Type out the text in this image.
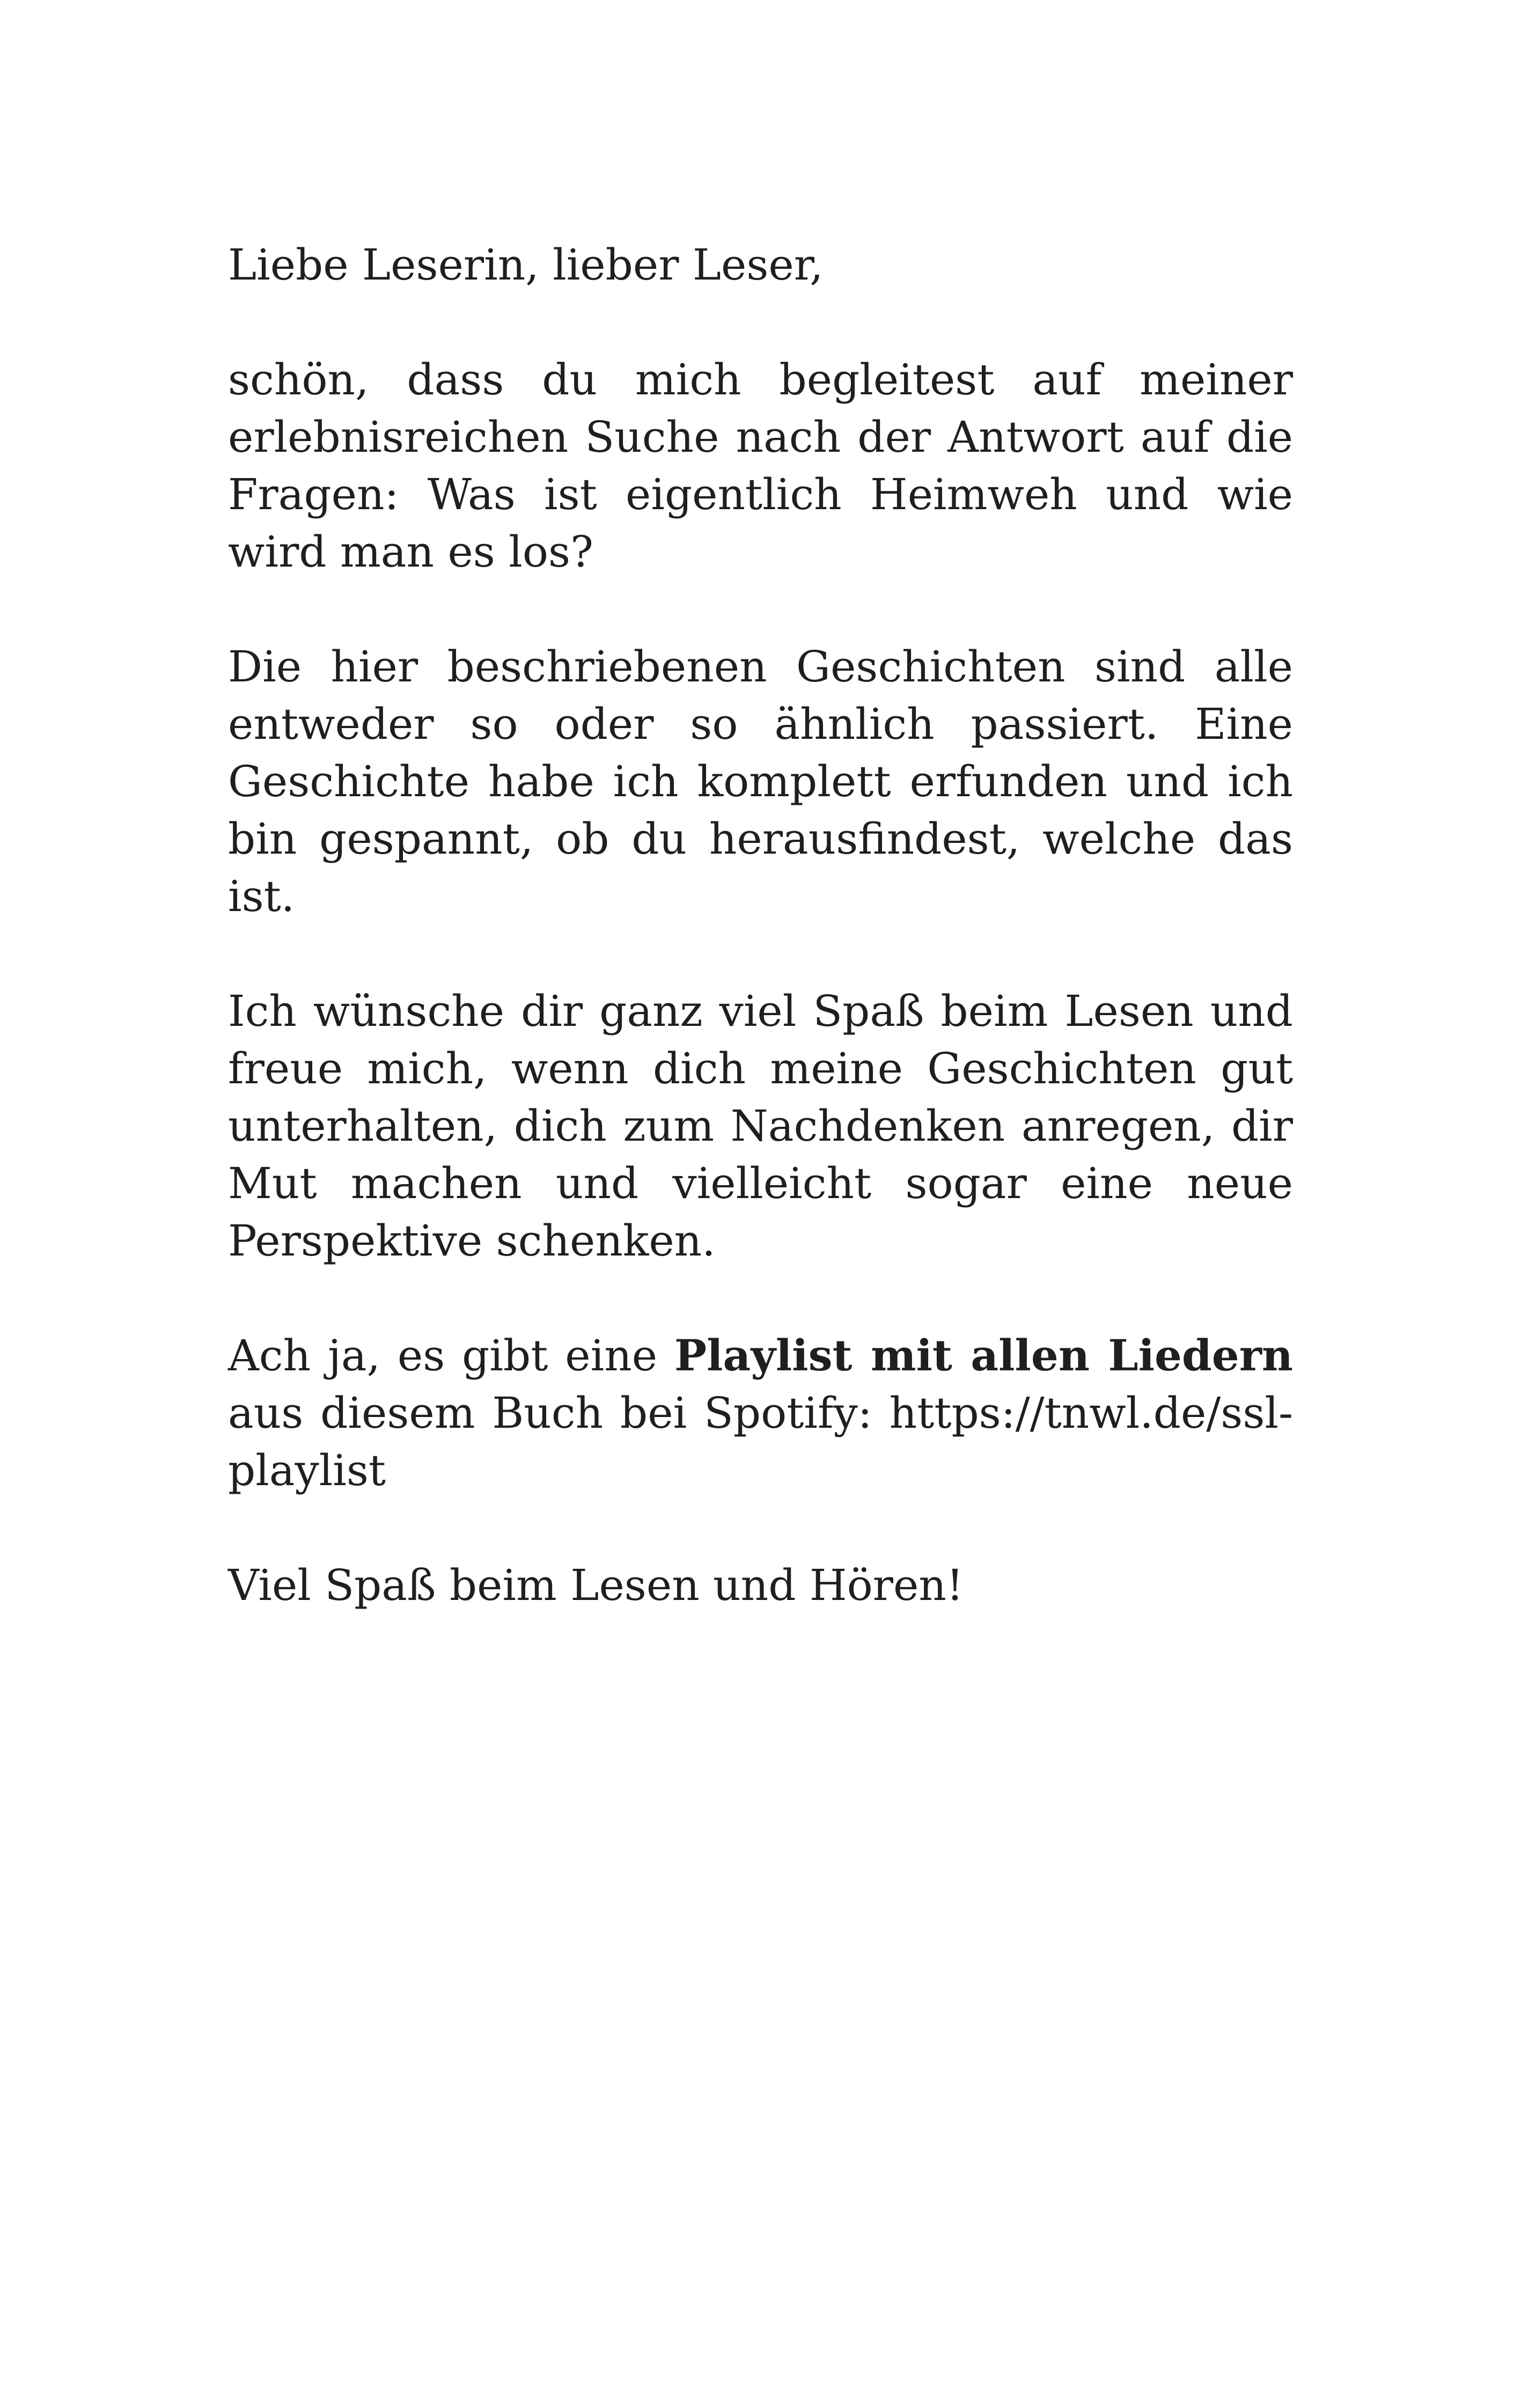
Liebe Leserin, lieber Leser,

schön, dass du mich begleitest auf meiner erlebnisreichen Suche nach der Antwort auf die Fragen: Was ist eigentlich Heimweh und wie wird man es los?

Die hier beschriebenen Geschichten sind alle entweder so oder so ähnlich passiert. Eine Geschichte habe ich komplett erfunden und ich bin gespannt, ob du herausfindest, welche das ist.

Ich wünsche dir ganz viel Spaß beim Lesen und freue mich, wenn dich meine Geschichten gut unterhalten, dich zum Nachdenken anregen, dir Mut machen und vielleicht sogar eine neue Perspektive schenken.

Ach ja, es gibt eine Playlist mit allen Liedern aus diesem Buch bei Spotify: https://tnwl.de/ssl-playlist

Viel Spaß beim Lesen und Hören!
